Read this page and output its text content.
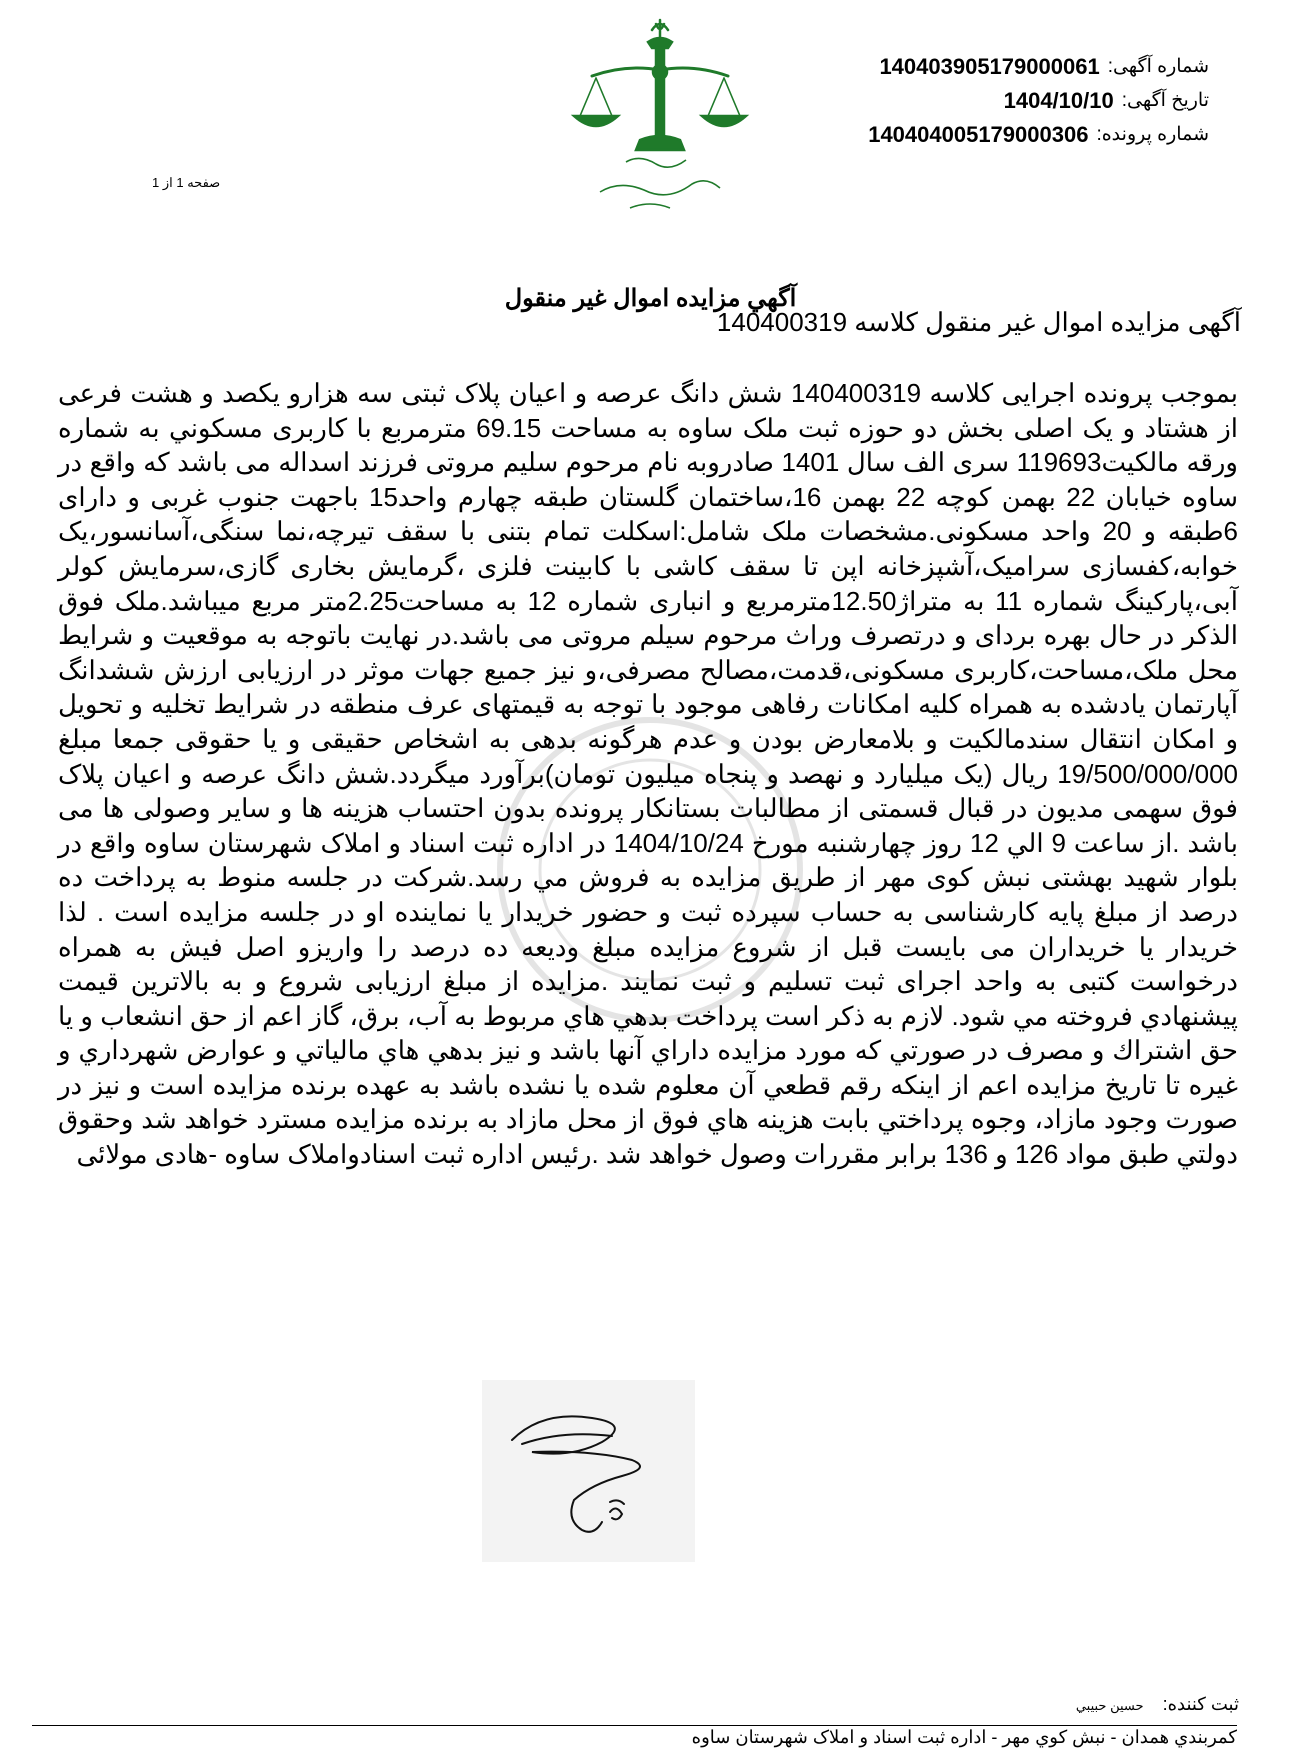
صفحه 1 از 1
شماره آگهی:
140403905179000061
تاریخ آگهی:
1404/10/10
شماره پرونده:
140404005179000306
آگهي مزايده اموال غير منقول
آگهی مزایده اموال غیر منقول کلاسه 140400319

بموجب پرونده اجرایی کلاسه 140400319 شش دانگ عرصه و اعیان پلاک ثبتی سه هزارو یکصد و هشت فرعی از هشتاد و یک اصلی بخش دو حوزه ثبت ملک ساوه به مساحت 69.15 مترمربع با کاربری مسکوني به شماره ورقه مالکیت119693 سری الف سال 1401 صادروبه نام مرحوم سلیم مروتی فرزند اسداله می باشد که واقع در ساوه خیابان 22 بهمن کوچه 22 بهمن 16،ساختمان گلستان طبقه چهارم واحد15 باجهت جنوب غربی و دارای 6طبقه و 20 واحد مسکونی.مشخصات ملک شامل:اسکلت تمام بتنی با سقف تیرچه،نما سنگی،آسانسور،یک خوابه،کفسازی سرامیک،آشپزخانه اپن تا سقف کاشی با کابینت فلزی ،گرمایش بخاری گازی،سرمایش کولر آبی،پارکینگ شماره 11 به متراژ12.50مترمربع و انباری شماره 12 به مساحت2.25متر مربع میباشد.ملک فوق الذکر در حال بهره بردای و درتصرف وراث مرحوم سیلم مروتی می باشد.در نهایت باتوجه به موقعیت و شرایط محل ملک،مساحت،کاربری مسکونی،قدمت،مصالح مصرفی،و نیز جمیع جهات موثر در ارزیابی ارزش ششدانگ آپارتمان یادشده به همراه کلیه امکانات رفاهی موجود با توجه به قیمتهای عرف منطقه در شرایط تخلیه و تحویل و امکان انتقال سندمالکیت و بلامعارض بودن و عدم هرگونه بدهی به اشخاص حقیقی و یا حقوقی جمعا مبلغ 19/500/000/000 ریال (یک میلیارد و نهصد و پنجاه میلیون تومان)برآورد میگردد.شش دانگ عرصه و اعیان پلاک فوق سهمی مدیون در قبال قسمتی از مطالبات بستانکار پرونده بدون احتساب هزینه ها و سایر وصولی ها می باشد .از ساعت 9 الي 12 روز چهارشنبه مورخ 1404/10/24 در اداره ثبت اسناد و املاک شهرستان ساوه واقع در بلوار شهید بهشتی نبش کوی مهر از طريق مزايده به فروش مي رسد.شرکت در جلسه منوط به پرداخت ده درصد از مبلغ پایه کارشناسی به حساب سپرده ثبت و حضور خریدار یا نماینده او در جلسه مزایده است . لذا خریدار یا خریداران می بایست قبل از شروع مزایده مبلغ ودیعه ده درصد را واریزو اصل فیش به همراه درخواست کتبی به واحد اجرای ثبت تسلیم و ثبت نمایند .مزایده از مبلغ ارزیابی شروع و به بالاترین قیمت پیشنهادي فروخته مي شود. لازم به ذکر است پرداخت بدهي هاي مربوط به آب، برق، گاز اعم از حق انشعاب و یا حق اشتراك و مصرف در صورتي که مورد مزایده داراي آنها باشد و نیز بدهي هاي مالیاتي و عوارض شهرداري و غیره تا تاریخ مزایده اعم از اینکه رقم قطعي آن معلوم شده یا نشده باشد به عهده برنده مزایده است و نیز در صورت وجود مازاد، وجوه پرداختي بابت هزینه هاي فوق از محل مازاد به برنده مزایده مسترد خواهد شد وحقوق دولتي طبق مواد 126 و 136 برابر مقررات وصول خواهد شد .رئیس اداره ثبت اسنادواملاک ساوه -هادی مولائی

ثبت کننده: حسين حبيبي
کمربندي همدان - نبش کوي مهر - اداره ثبت اسناد و املاک شهرستان ساوه
